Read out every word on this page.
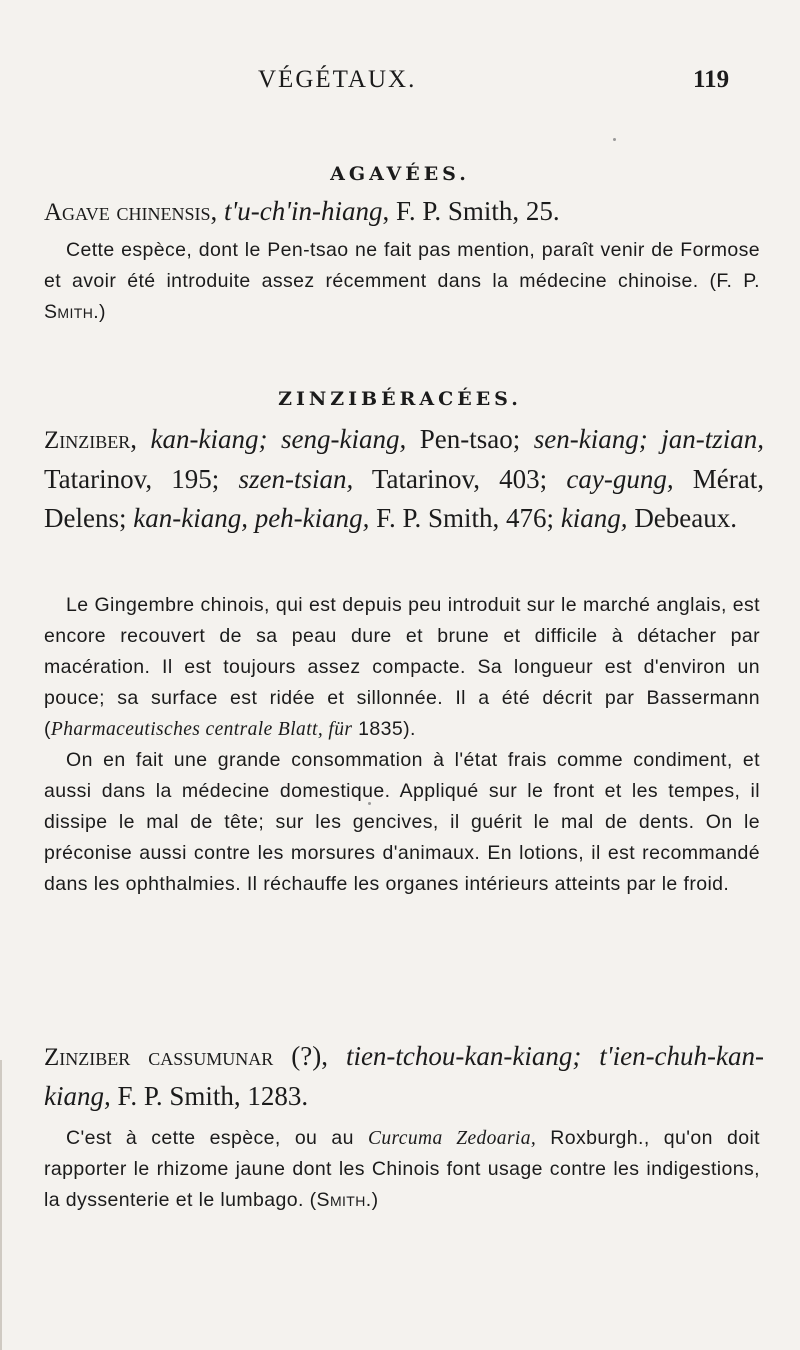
VÉGÉTAUX.	119
AGAVÉES.
Agave chinensis, t'u-ch'in-hiang, F. P. Smith, 25.

Cette espèce, dont le Pen-tsao ne fait pas mention, paraît venir de Formose et avoir été introduite assez récemment dans la médecine chinoise. (F. P. Smith.)

ZINZIBÉRACÉES.
Zinziber, kan-kiang; seng-kiang, Pen-tsao; sen-kiang; jan-tzian, Tatarinov, 195; szen-tsian, Tatarinov, 403; cay-gung, Mérat, Delens; kan-kiang, peh-kiang, F. P. Smith, 476; kiang, Debeaux.

Le Gingembre chinois, qui est depuis peu introduit sur le marché anglais, est encore recouvert de sa peau dure et brune et difficile à détacher par macération. Il est toujours assez compacte. Sa longueur est d'environ un pouce; sa surface est ridée et sillonnée. Il a été décrit par Bassermann (Pharmaceutisches centrale Blatt, für 1835).

On en fait une grande consommation à l'état frais comme condiment, et aussi dans la médecine domestique. Appliqué sur le front et les tempes, il dissipe le mal de tête; sur les gencives, il guérit le mal de dents. On le préconise aussi contre les morsures d'animaux. En lotions, il est recommandé dans les ophthalmies. Il réchauffe les organes intérieurs atteints par le froid.

Zinziber cassumunar (?), tien-tchou-kan-kiang; t'ien-chuh-kan-kiang, F. P. Smith, 1283.

C'est à cette espèce, ou au Curcuma Zedoaria, Roxburgh., qu'on doit rapporter le rhizome jaune dont les Chinois font usage contre les indigestions, la dyssenterie et le lumbago. (Smith.)
